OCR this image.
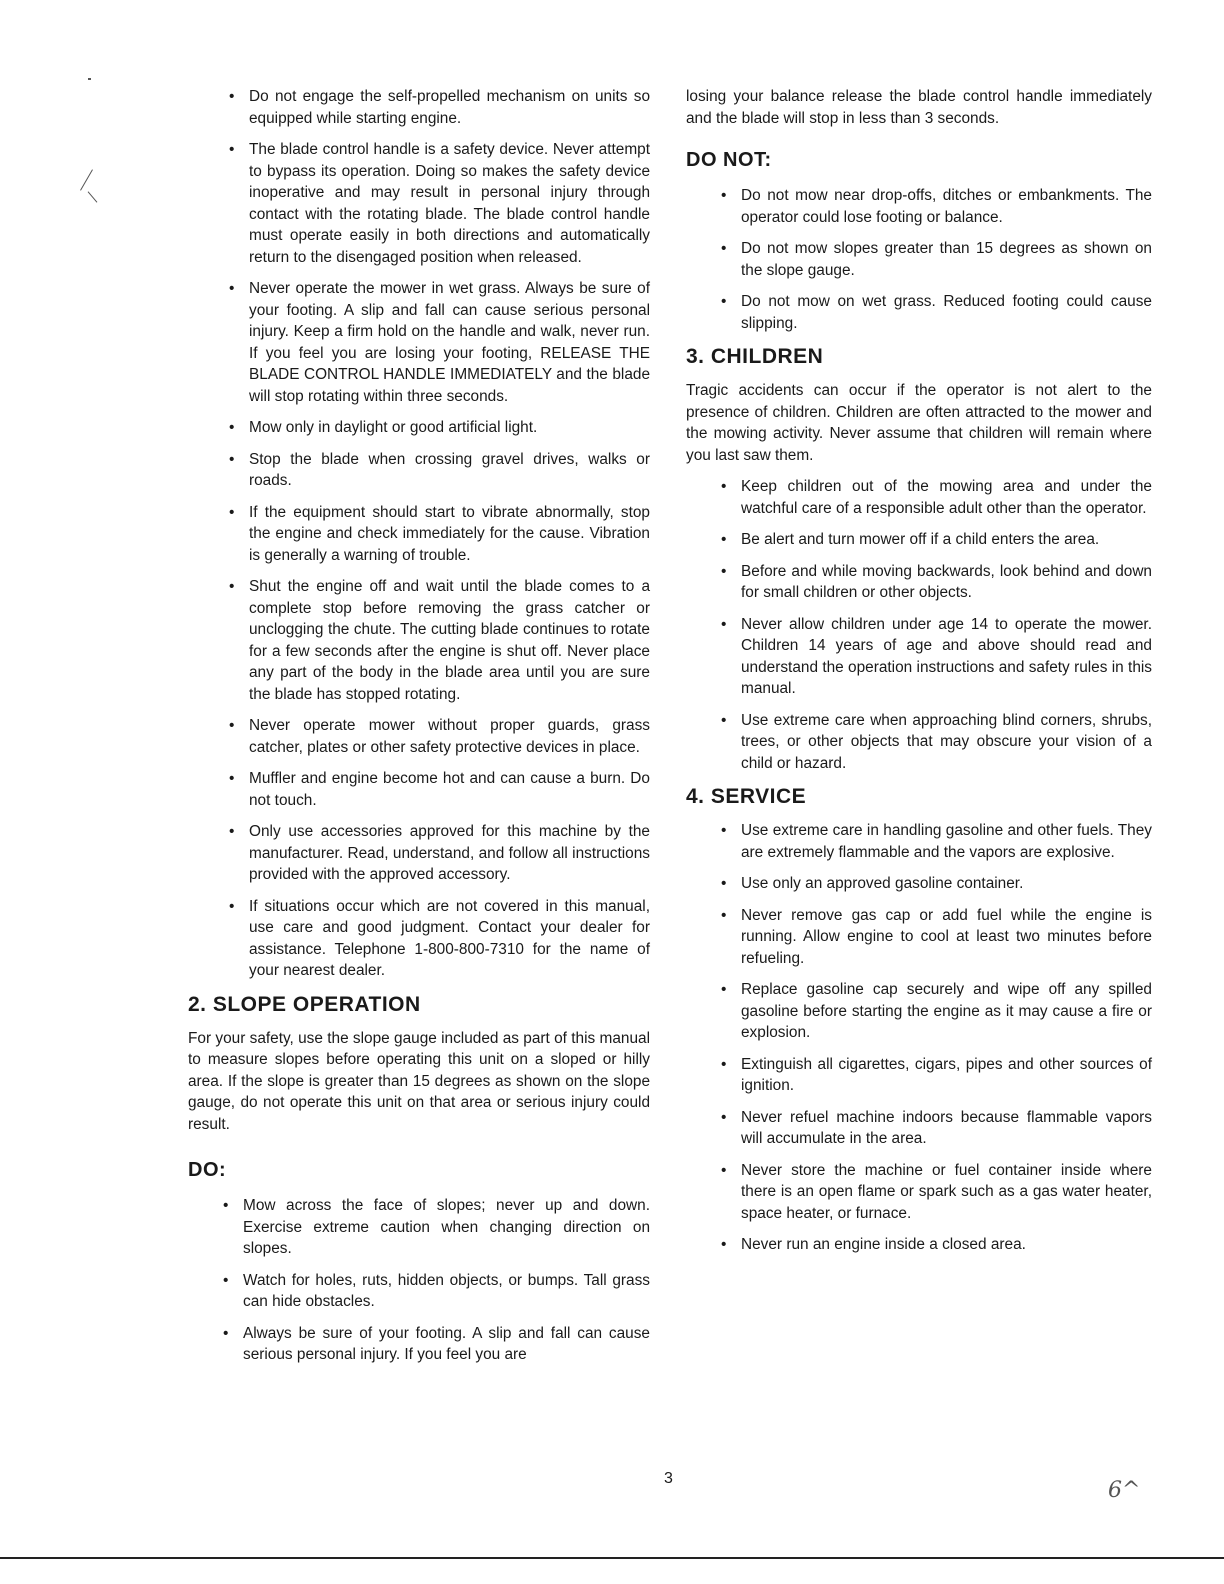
• Do not engage the self-propelled mechanism on units so equipped while starting engine.
• The blade control handle is a safety device. Never attempt to bypass its operation. Doing so makes the safety device inoperative and may result in personal injury through contact with the rotating blade. The blade control handle must operate easily in both directions and automatically return to the disengaged position when released.
• Never operate the mower in wet grass. Always be sure of your footing. A slip and fall can cause serious personal injury. Keep a firm hold on the handle and walk, never run. If you feel you are losing your footing, RELEASE THE BLADE CONTROL HANDLE IMMEDIATELY and the blade will stop rotating within three seconds.
• Mow only in daylight or good artificial light.
• Stop the blade when crossing gravel drives, walks or roads.
• If the equipment should start to vibrate abnormally, stop the engine and check immediately for the cause. Vibration is generally a warning of trouble.
• Shut the engine off and wait until the blade comes to a complete stop before removing the grass catcher or unclogging the chute. The cutting blade continues to rotate for a few seconds after the engine is shut off. Never place any part of the body in the blade area until you are sure the blade has stopped rotating.
• Never operate mower without proper guards, grass catcher, plates or other safety protective devices in place.
• Muffler and engine become hot and can cause a burn. Do not touch.
• Only use accessories approved for this machine by the manufacturer. Read, understand, and follow all instructions provided with the approved accessory.
• If situations occur which are not covered in this manual, use care and good judgment. Contact your dealer for assistance. Telephone 1-800-800-7310 for the name of your nearest dealer.
2. SLOPE OPERATION

For your safety, use the slope gauge included as part of this manual to measure slopes before operating this unit on a sloped or hilly area. If the slope is greater than 15 degrees as shown on the slope gauge, do not operate this unit on that area or serious injury could result.

DO:
• Mow across the face of slopes; never up and down. Exercise extreme caution when changing direction on slopes.
• Watch for holes, ruts, hidden objects, or bumps. Tall grass can hide obstacles.
• Always be sure of your footing. A slip and fall can cause serious personal injury. If you feel you are

losing your balance release the blade control handle immediately and the blade will stop in less than 3 seconds.

DO NOT:
• Do not mow near drop-offs, ditches or embankments. The operator could lose footing or balance.
• Do not mow slopes greater than 15 degrees as shown on the slope gauge.
• Do not mow on wet grass. Reduced footing could cause slipping.
3. CHILDREN

Tragic accidents can occur if the operator is not alert to the presence of children. Children are often attracted to the mower and the mowing activity. Never assume that children will remain where you last saw them.

• Keep children out of the mowing area and under the watchful care of a responsible adult other than the operator.
• Be alert and turn mower off if a child enters the area.
• Before and while moving backwards, look behind and down for small children or other objects.
• Never allow children under age 14 to operate the mower. Children 14 years of age and above should read and understand the operation instructions and safety rules in this manual.
• Use extreme care when approaching blind corners, shrubs, trees, or other objects that may obscure your vision of a child or hazard.
4. SERVICE
• Use extreme care in handling gasoline and other fuels. They are extremely flammable and the vapors are explosive.
• Use only an approved gasoline container.
• Never remove gas cap or add fuel while the engine is running. Allow engine to cool at least two minutes before refueling.
• Replace gasoline cap securely and wipe off any spilled gasoline before starting the engine as it may cause a fire or explosion.
• Extinguish all cigarettes, cigars, pipes and other sources of ignition.
• Never refuel machine indoors because flammable vapors will accumulate in the area.
• Never store the machine or fuel container inside where there is an open flame or spark such as a gas water heater, space heater, or furnace.
• Never run an engine inside a closed area.
3	6^
